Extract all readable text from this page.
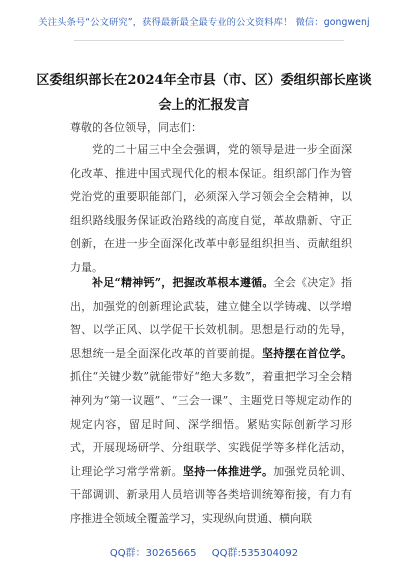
关注头条号“公文研究”，获得最新最全最专业的公文资料库！ 微信：gongwenj
区委组织部长在2024年全市县（市、区）委组织部长座谈
会上的汇报发言

尊敬的各位领导，同志们：

党的二十届三中全会强调，党的领导是进一步全面深化改革、推进中国式现代化的根本保证。组织部门作为管党治党的重要职能部门，必须深入学习领会全会精神，以组织路线服务保证政治路线的高度自觉，革故鼎新、守正创新，在进一步全面深化改革中彰显组织担当、贡献组织力量。

补足“精神钙”，把握改革根本遵循。全会《决定》指出，加强党的创新理论武装，建立健全以学铸魂、以学增智、以学正风、以学促干长效机制。思想是行动的先导，思想统一是全面深化改革的首要前提。坚持摆在首位学。抓住“关键少数”就能带好“绝大多数”，着重把学习全会精神列为“第一议题”、“三会一课”、主题党日等规定动作的规定内容，留足时间、深学细悟。紧贴实际创新学习形式，开展现场研学、分组联学、实践促学等多样化活动，让理论学习常学常新。坚持一体推进学。加强党员轮训、干部调训、新录用人员培训等各类培训统筹衔接，有力有序推进全领域全覆盖学习，实现纵向贯通、横向联

QQ群：30265665 QQ群:535304092
